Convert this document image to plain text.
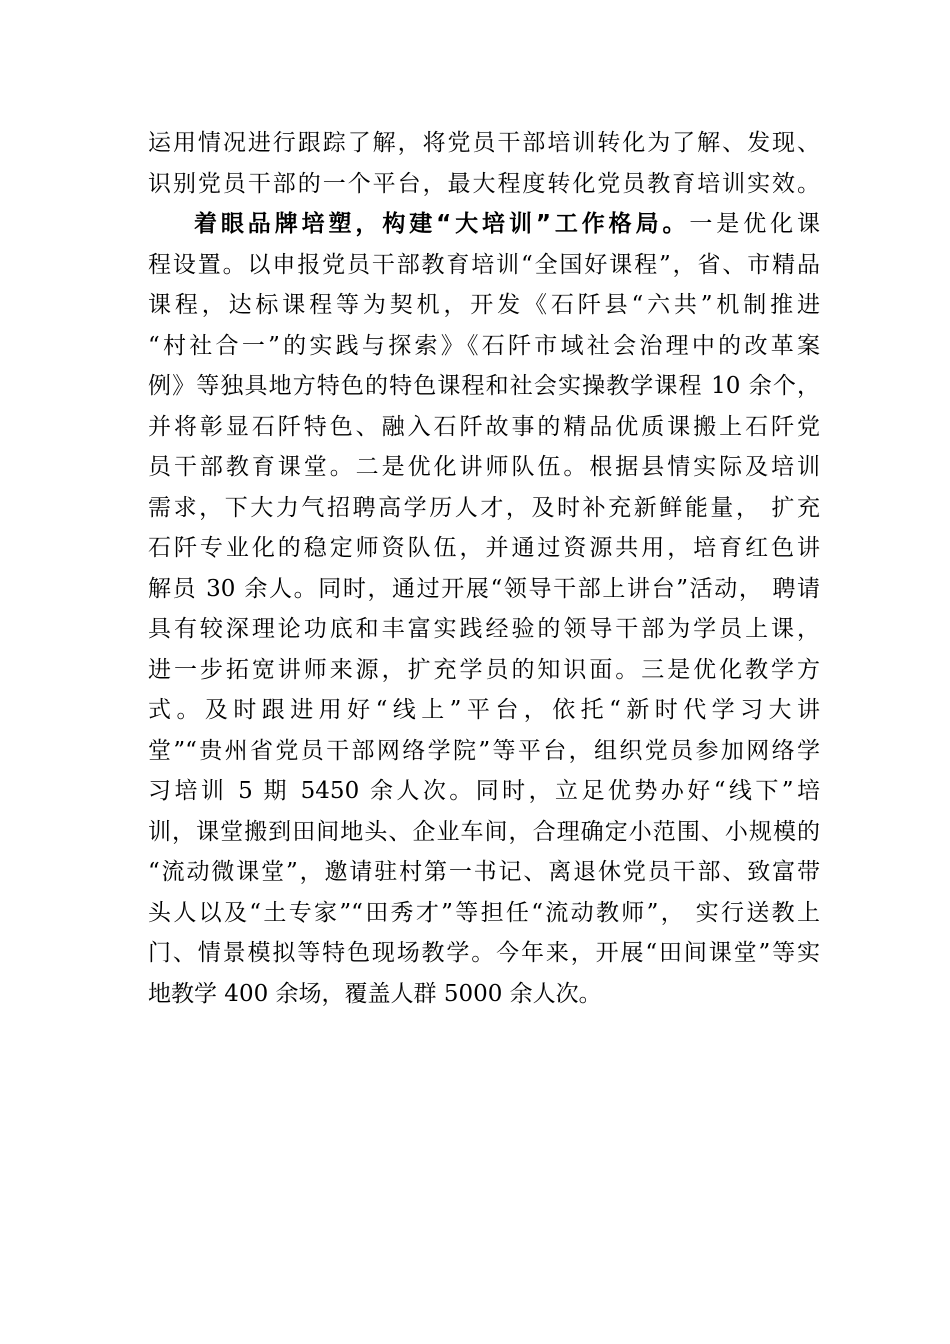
运用情况进行跟踪了解，将党员干部培训转化为了解、发现、
识别党员干部的一个平台，最大程度转化党员教育培训实效。
着眼品牌培塑，构建“大培训”工作格局。一是优化课
程设置。以申报党员干部教育培训“全国好课程”，省、市精品
课程，达标课程等为契机，开发《石阡县“六共”机制推进
“村社合一”的实践与探索》《石阡市域社会治理中的改革案
例》等独具地方特色的特色课程和社会实操教学课程 10 余个，
并将彰显石阡特色、融入石阡故事的精品优质课搬上石阡党
员干部教育课堂。二是优化讲师队伍。根据县情实际及培训
需求，下大力气招聘高学历人才，及时补充新鲜能量， 扩充
石阡专业化的稳定师资队伍，并通过资源共用，培育红色讲
解员 30 余人。同时，通过开展“领导干部上讲台”活动， 聘请
具有较深理论功底和丰富实践经验的领导干部为学员上课，
进一步拓宽讲师来源，扩充学员的知识面。三是优化教学方
式。及时跟进用好“线上”平台，依托“新时代学习大讲
堂”“贵州省党员干部网络学院”等平台，组织党员参加网络学
习培训 5 期 5450 余人次。同时，立足优势办好“线下”培
训，课堂搬到田间地头、企业车间，合理确定小范围、小规模的
“流动微课堂”，邀请驻村第一书记、离退休党员干部、致富带
头人以及“土专家”“田秀才”等担任“流动教师”， 实行送教上
门、情景模拟等特色现场教学。今年来，开展“田间课堂”等实
地教学 400 余场，覆盖人群 5000 余人次。
